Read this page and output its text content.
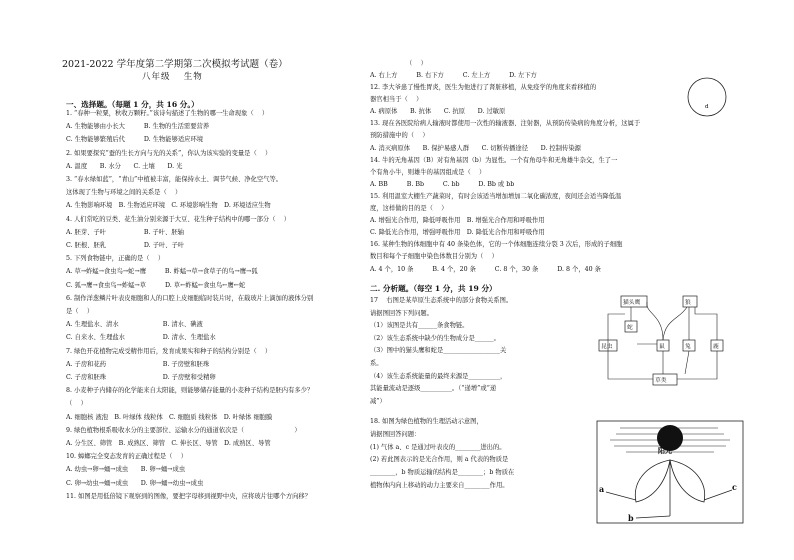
2021-2022 学年度第二学期第二次模拟考试题（卷）
八年级　 生物
一、选择题。（每题 1 分，共 16 分。）
1. “春种一粒粟，秋收万颗籽。”该诗句描述了生物的哪一生命现象（　 ）
A. 生物能够由小长大　　　B. 生物的生活需要营养
C. 生物能够繁殖后代　　　D. 生物能够适应环境
2. 如果要探究“蚕的生长方向与光的关系”，你认为该实验的变量是（　 ）
A. 温度　　B. 水分　　C. 土壤　　D. 光
3. “春水绿如蓝”，“青山”中植被丰富，能保持水土、调节气候、净化空气等。
这体现了生物与环境之间的关系是（　 ）
A. 生物影响环境　B. 生物适应环境　C. 环境影响生物　D. 环境适应生物
4. 人们常吃的豆类、花生油分别来源于大豆、花生种子结构中的哪一部分（　 ）
A. 胚芽、子叶　　　　　　B. 子叶、胚轴
C. 胚根、胚乳　　　　　　D. 子叶、子叶
5. 下列食物链中，正确的是（　 ）
A. 草→蚱蜢→食虫鸟→蛇→鹰　　　B. 蚱蜢→草→食草子的鸟→鹰→狐
C. 狐→鹰→食虫鸟→蚱蜢→草　　　D. 草←蚱蜢←食虫鸟←鹰←蛇
6. 制作洋葱鳞片叶表皮细胞和人的口腔上皮细胞临时装片时，在载玻片上滴加的液体分别
是（　 ）
A. 生理盐水、清水　　　　　　　B. 清水、碘液
C. 自来水、生理盐水　　　　　　D. 清水、生理盐水
7. 绿色开花植物完成受精作用后，发育成果实和种子的结构分别是（　 ）
A. 子房和花药　　　　　　　　　B. 子房壁和胚珠
C. 子房和胚珠　　　　　　　　　D. 子房壁和受精卵
8. 小麦种子内储存的化学能来自太阳能，则能够储存能量的小麦种子结构是胚内有多少？
（　 ）
A. 细胞核 液泡　B. 叶绿体 线粒体　C. 细胞质 线粒体　D. 叶绿体 细胞膜
9. 绿色植物根系吸收水分的主要部位、运输水分的通道依次是（　　　　　　　　）
A. 分生区、筛管　B. 成熟区、筛管　C. 伸长区、导管　D. 成熟区、导管
10. 蟑螂完全变态发育的正确过程是（　 ）
A. 幼虫→卵→蛹→成虫　　B. 卵→蛹→成虫
C. 卵→幼虫→蛹→成虫　　D. 卵→蛹→幼虫→成虫
11. 如图是用低倍镜下观察到的图像，要把字母移到视野中央，应将玻片往哪个方向移？
（　 ）
A. 右上方　　　B. 右下方　　　C. 左上方　　　D. 左下方
d
12. 李大爷患了慢性胃炎，医生为他进行了肾脏移植，从免疫学的角度来看移植的
器官相当于（　 ）
A. 病原体　　B. 抗体　　C. 抗原　　D. 过敏原
13. 现在各医院给病人输液时都使用一次性的输液器、注射器，从预防传染病的角度分析，这属于
预防措施中的（　 ）
A. 消灭病原体　　B. 保护易感人群　　C. 切断传播途径　　D. 控制传染源
14. 牛的无角基因（B）对有角基因（b）为显性。一个有角母牛和无角雄牛杂交，生了一
个有角小牛，则雄牛的基因组成是（　 ）
A. BB　　　B. Bb　　　C. bb　　　D. Bb 或 bb
15. 利用温室大棚生产蔬菜时，有时会该适当增加增加二氧化碳浓度，夜间还会适当降低温
度，这样做的目的是（　 ）
A. 增强光合作用，降低呼吸作用　B. 增强光合作用和呼吸作用
C. 降低光合作用，增强呼吸作用　D. 降低光合作用和呼吸作用
16. 某种生物的体细胞中有 40 条染色体，它的一个体细胞连续分裂 3 次后，形成的子细胞
数目和每个子细胞中染色体数目分别为（　 ）
A. 4 个，10 条　　　B. 4 个，20 条　　　C. 8 个，30 条　　　D. 8 个，40 条
二. 分析题。（每空 1 分，共 19 分）
17　 右图是某草原生态系统中的部分食物关系图。
请据图回答下列问题。
（1）该图是共有______条食物链。
（2）该生态系统中缺少的生物成分是______。
（3）图中的猫头鹰和蛇是__________________关
系。
（4）该生态系统能量的最终来源是__________，
其能量流动是逐级__________。（“递增”或“递
减”）
18. 如图为绿色植物的生理活动示意图，
请据图回答问题：
(1) 气体 a、c 是通过叶表皮的________进出的。
(2) 若此图表示的是光合作用，则 a 代表的物质是
________，b 物质运输的结构是________；b 物质在
植物体内向上移动的动力主要来自________作用。
猫头鹰	狼
蛇
昆虫	鼠	兔	鹿
草类
阳光
a	c
b
